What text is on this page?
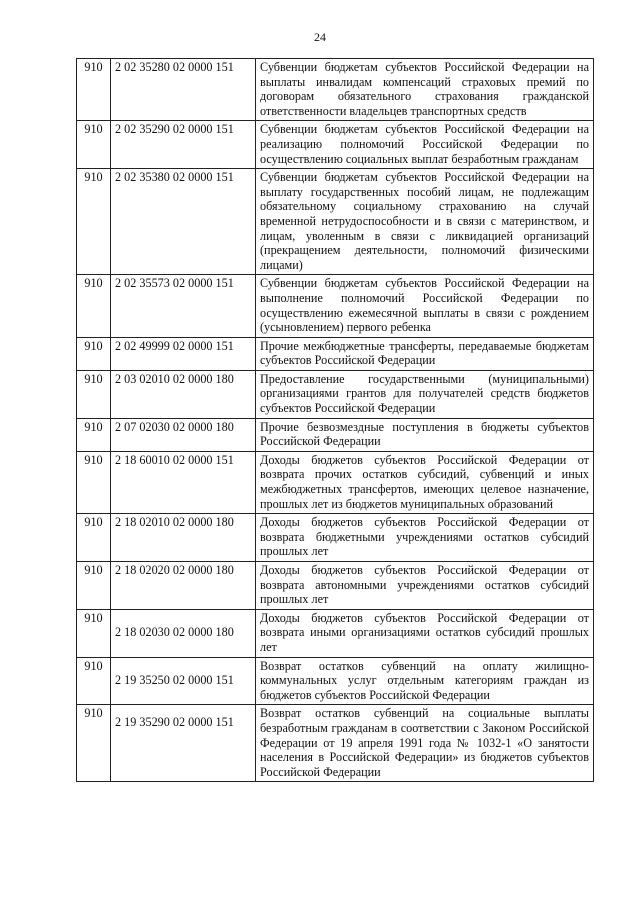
24
910	2 02 35280 02 0000 151	Субвенции бюджетам субъектов Российской Федерации на выплаты инвалидам компенсаций страховых премий по договорам обязательного страхования гражданской ответственности владельцев транспортных средств
910	2 02 35290 02 0000 151	Субвенции бюджетам субъектов Российской Федерации на реализацию полномочий Российской Федерации по осуществлению социальных выплат безработным гражданам
910	2 02 35380 02 0000 151	Субвенции бюджетам субъектов Российской Федерации на выплату государственных пособий лицам, не подлежащим обязательному социальному страхованию на случай временной нетрудоспособности и в связи с материнством, и лицам, уволенным в связи с ликвидацией организаций (прекращением деятельности, полномочий физическими лицами)
910	2 02 35573 02 0000 151	Субвенции бюджетам субъектов Российской Федерации на выполнение полномочий Российской Федерации по осуществлению ежемесячной выплаты в связи с рождением (усыновлением) первого ребенка
910	2 02 49999 02 0000 151	Прочие межбюджетные трансферты, передаваемые бюджетам субъектов Российской Федерации
910	2 03 02010 02 0000 180	Предоставление государственными (муниципальными) организациями грантов для получателей средств бюджетов субъектов Российской Федерации
910	2 07 02030 02 0000 180	Прочие безвозмездные поступления в бюджеты субъектов Российской Федерации
910	2 18 60010 02 0000 151	Доходы бюджетов субъектов Российской Федерации от возврата прочих остатков субсидий, субвенций и иных межбюджетных трансфертов, имеющих целевое назначение, прошлых лет из бюджетов муниципальных образований
910	2 18 02010 02 0000 180	Доходы бюджетов субъектов Российской Федерации от возврата бюджетными учреждениями остатков субсидий прошлых лет
910	2 18 02020 02 0000 180	Доходы бюджетов субъектов Российской Федерации от возврата автономными учреждениями остатков субсидий прошлых лет
910	2 18 02030 02 0000 180	Доходы бюджетов субъектов Российской Федерации от возврата иными организациями остатков субсидий прошлых лет
910	2 19 35250 02 0000 151	Возврат остатков субвенций на оплату жилищно-коммунальных услуг отдельным категориям граждан из бюджетов субъектов Российской Федерации
910	2 19 35290 02 0000 151	Возврат остатков субвенций на социальные выплаты безработным гражданам в соответствии с Законом Российской Федерации от 19 апреля 1991 года № 1032-1 «О занятости населения в Российской Федерации» из бюджетов субъектов Российской Федерации
